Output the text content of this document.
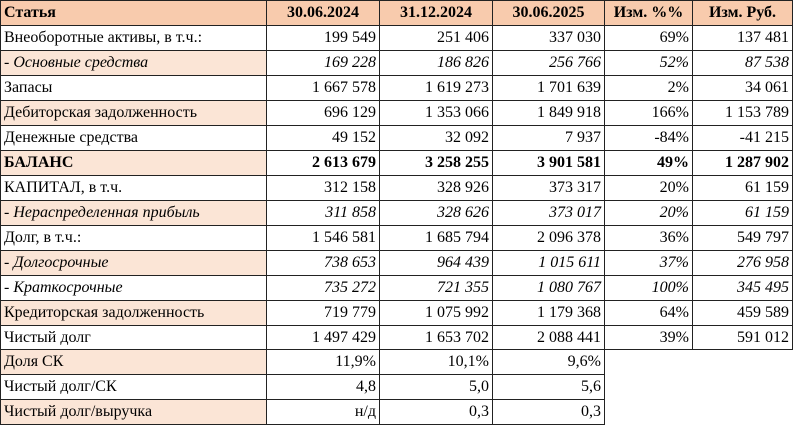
Статья	30.06.2024	31.12.2024	30.06.2025	Изм. %%	Изм. Руб.
Внеоборотные активы, в т.ч.:	199 549	251 406	337 030	69%	137 481
- Основные средства	169 228	186 826	256 766	52%	87 538
Запасы	1 667 578	1 619 273	1 701 639	2%	34 061
Дебиторская задолженность	696 129	1 353 066	1 849 918	166%	1 153 789
Денежные средства	49 152	32 092	7 937	-84%	-41 215
БАЛАНС	2 613 679	3 258 255	3 901 581	49%	1 287 902
КАПИТАЛ, в т.ч.	312 158	328 926	373 317	20%	61 159
- Нераспределенная прибыль	311 858	328 626	373 017	20%	61 159
Долг, в т.ч.:	1 546 581	1 685 794	2 096 378	36%	549 797
- Долгосрочные	738 653	964 439	1 015 611	37%	276 958
- Краткосрочные	735 272	721 355	1 080 767	100%	345 495
Кредиторская задолженность	719 779	1 075 992	1 179 368	64%	459 589
Чистый долг	1 497 429	1 653 702	2 088 441	39%	591 012
Доля СК	11,9%	10,1%	9,6%		
Чистый долг/СК	4,8	5,0	5,6		
Чистый долг/выручка	н/д	0,3	0,3		
